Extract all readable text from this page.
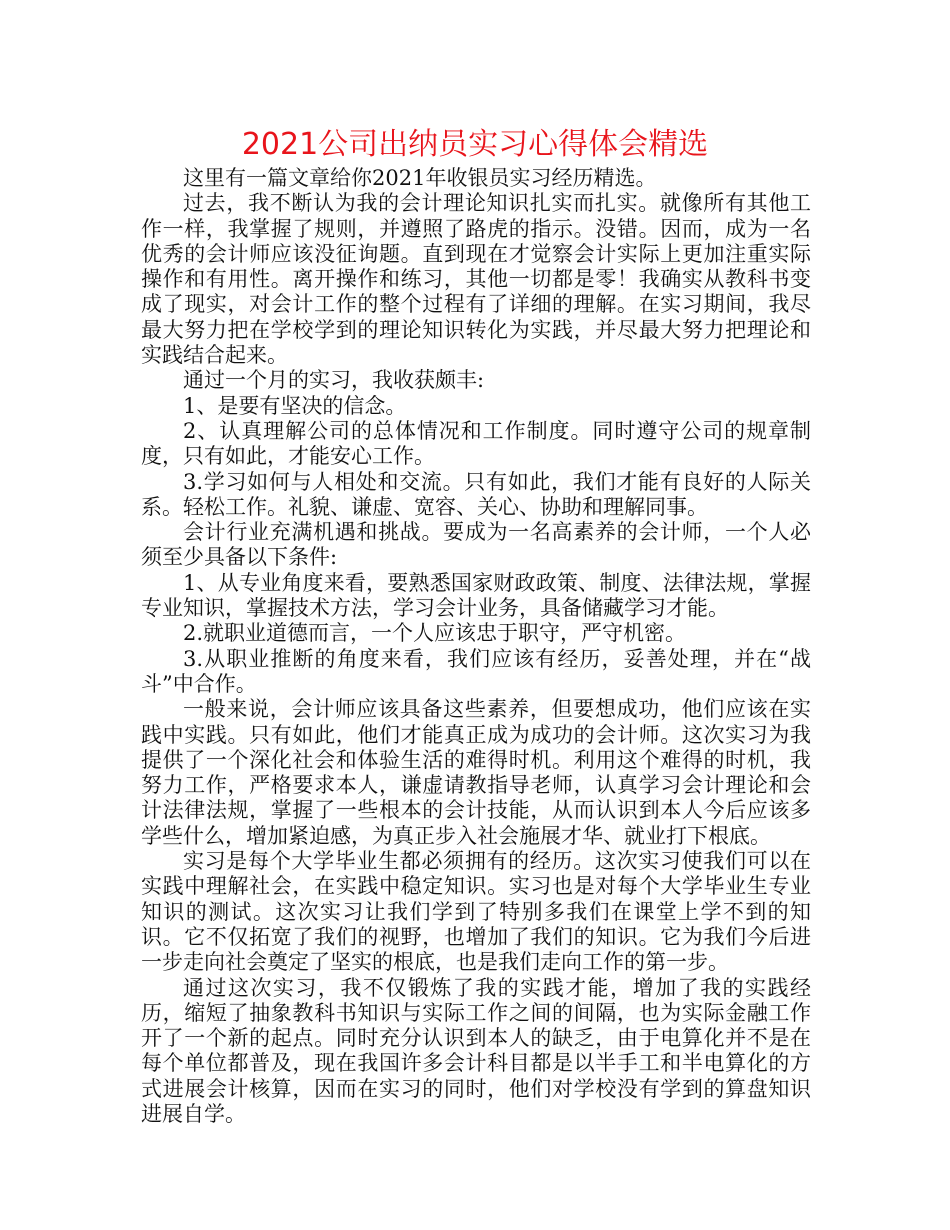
2021公司出纳员实习心得体会精选

这里有一篇文章给你2021年收银员实习经历精选。

过去，我不断认为我的会计理论知识扎实而扎实。就像所有其他工作一样，我掌握了规则，并遵照了路虎的指示。没错。因而，成为一名优秀的会计师应该没征询题。直到现在才觉察会计实际上更加注重实际操作和有用性。离开操作和练习，其他一切都是零！我确实从教科书变成了现实，对会计工作的整个过程有了详细的理解。在实习期间，我尽最大努力把在学校学到的理论知识转化为实践，并尽最大努力把理论和实践结合起来。

通过一个月的实习，我收获颇丰:

1、是要有坚决的信念。

2、认真理解公司的总体情况和工作制度。同时遵守公司的规章制度，只有如此，才能安心工作。

3.学习如何与人相处和交流。只有如此，我们才能有良好的人际关系。轻松工作。礼貌、谦虚、宽容、关心、协助和理解同事。

会计行业充满机遇和挑战。要成为一名高素养的会计师，一个人必须至少具备以下条件:

1、从专业角度来看，要熟悉国家财政政策、制度、法律法规，掌握专业知识，掌握技术方法，学习会计业务，具备储藏学习才能。

2.就职业道德而言，一个人应该忠于职守，严守机密。

3.从职业推断的角度来看，我们应该有经历，妥善处理，并在“战斗”中合作。

一般来说，会计师应该具备这些素养，但要想成功，他们应该在实践中实践。只有如此，他们才能真正成为成功的会计师。这次实习为我提供了一个深化社会和体验生活的难得时机。利用这个难得的时机，我努力工作，严格要求本人，谦虚请教指导老师，认真学习会计理论和会计法律法规，掌握了一些根本的会计技能，从而认识到本人今后应该多学些什么，增加紧迫感，为真正步入社会施展才华、就业打下根底。

实习是每个大学毕业生都必须拥有的经历。这次实习使我们可以在实践中理解社会，在实践中稳定知识。实习也是对每个大学毕业生专业知识的测试。这次实习让我们学到了特别多我们在课堂上学不到的知识。它不仅拓宽了我们的视野，也增加了我们的知识。它为我们今后进一步走向社会奠定了坚实的根底，也是我们走向工作的第一步。

通过这次实习，我不仅锻炼了我的实践才能，增加了我的实践经历，缩短了抽象教科书知识与实际工作之间的间隔，也为实际金融工作开了一个新的起点。同时充分认识到本人的缺乏，由于电算化并不是在每个单位都普及，现在我国许多会计科目都是以半手工和半电算化的方式进展会计核算，因而在实习的同时，他们对学校没有学到的算盘知识进展自学。
